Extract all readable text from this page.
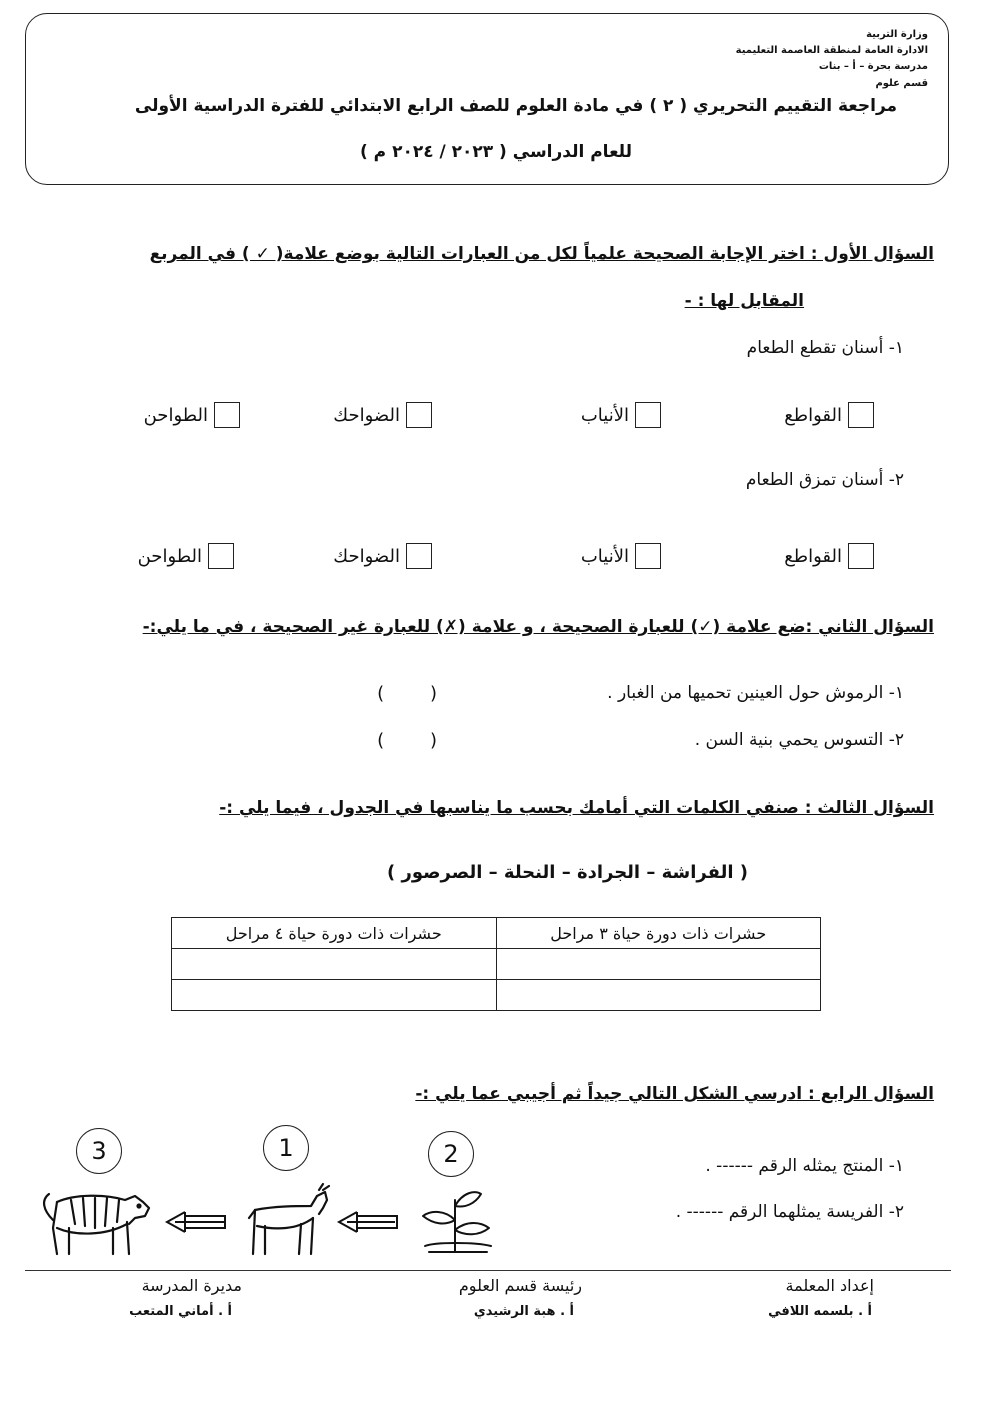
وزارة التربية
الادارة العامة لمنطقة العاصمة التعليمية
مدرسة بحرة – أ – بنات
قسم علوم
مراجعة التقييم التحريري ( ٢ ) في مادة العلوم للصف الرابع الابتدائي للفترة الدراسية الأولى
للعام الدراسي ( ٢٠٢٣ / ٢٠٢٤ م )
السؤال الأول : اختر الإجابة الصحيحة علمياً لكل من العبارات التالية بوضع علامة( ✓ ) في المربع
المقابل لها : -
١- أسنان تقطع الطعام
القواطع
الأنياب
الضواحك
الطواحن
٢- أسنان تمزق الطعام
القواطع
الأنياب
الضواحك
الطواحن
السؤال الثاني :ضع علامة (✓) للعبارة الصحيحة ، و علامة (✗) للعبارة غير الصحيحة ، في ما يلي:-
١- الرموش حول العينين تحميها من الغبار .
(        )
٢- التسوس يحمي بنية السن .
(        )
السؤال الثالث : صنفي الكلمات التي أمامك بحسب ما يناسبها في الجدول ، فيما يلي :-
( الفراشة – الجرادة – النحلة – الصرصور )
حشرات ذات دورة حياة ٣ مراحل	حشرات ذات دورة حياة ٤ مراحل

السؤال الرابع : ادرسي الشكل التالي جيداً ثم أجيبي عما يلي :-
١- المنتج يمثله الرقم ------ .
٢- الفريسة يمثلهما الرقم ------ .
3	1	2
إعداد المعلمة
أ . بلسمه اللافي
رئيسة قسم العلوم
أ . هبة الرشيدي
مديرة المدرسة
أ . أماني المتعب
